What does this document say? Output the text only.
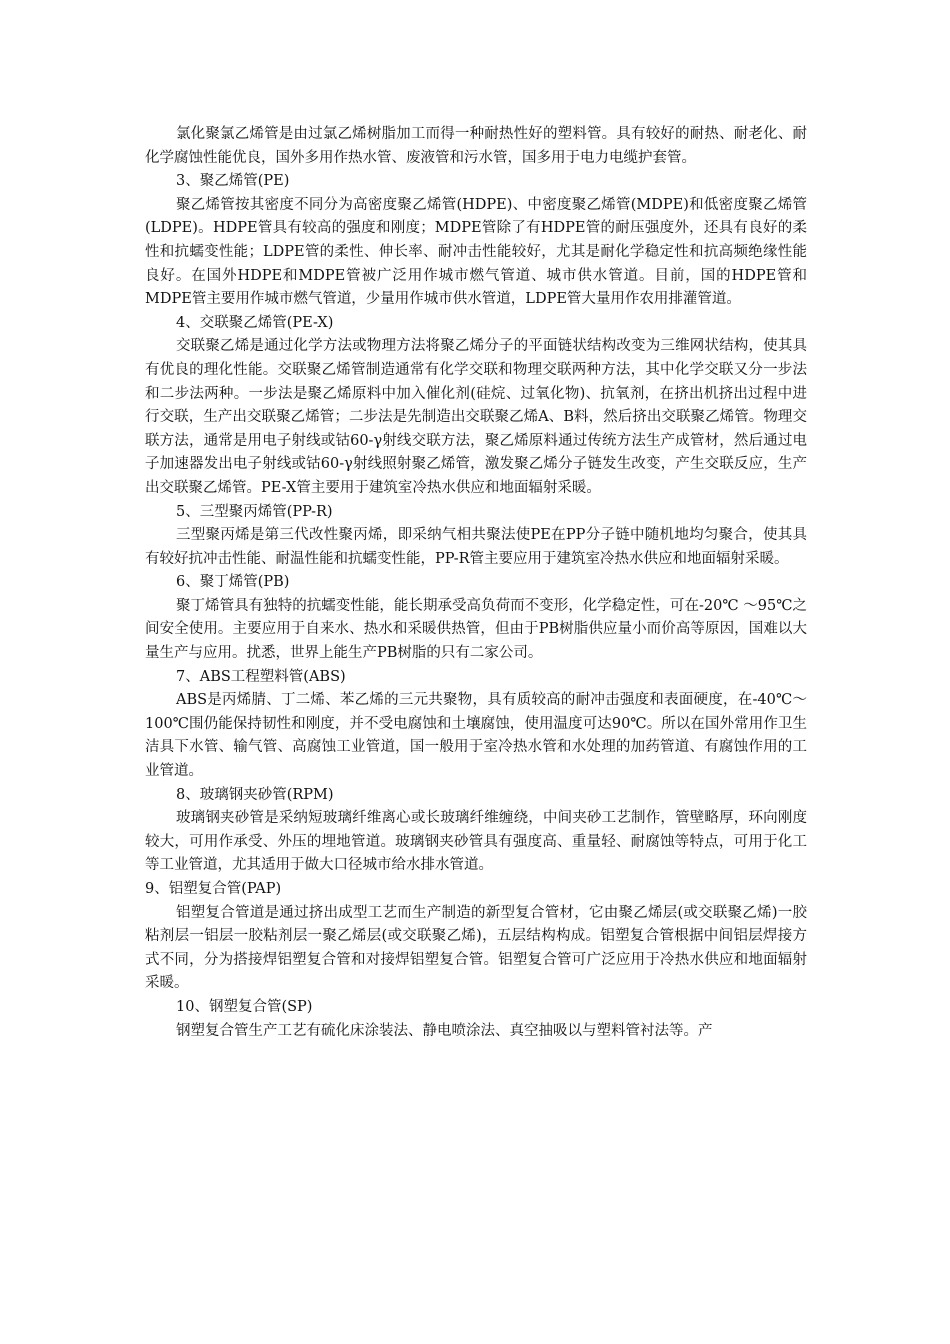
氯化聚氯乙烯管是由过氯乙烯树脂加工而得一种耐热性好的塑料管。具有较好的耐热、耐老化、耐化学腐蚀性能优良，国外多用作热水管、废液管和污水管，国多用于电力电缆护套管。

3、聚乙烯管(PE)

聚乙烯管按其密度不同分为高密度聚乙烯管(HDPE)、中密度聚乙烯管(MDPE)和低密度聚乙烯管(LDPE)。HDPE管具有较高的强度和刚度；MDPE管除了有HDPE管的耐压强度外，还具有良好的柔性和抗蠕变性能；LDPE管的柔性、伸长率、耐冲击性能较好，尤其是耐化学稳定性和抗高频绝缘性能良好。在国外HDPE和MDPE管被广泛用作城市燃气管道、城市供水管道。目前，国的HDPE管和MDPE管主要用作城市燃气管道，少量用作城市供水管道，LDPE管大量用作农用排灌管道。

4、交联聚乙烯管(PE-X)

交联聚乙烯是通过化学方法或物理方法将聚乙烯分子的平面链状结构改变为三维网状结构，使其具有优良的理化性能。交联聚乙烯管制造通常有化学交联和物理交联两种方法，其中化学交联又分一步法和二步法两种。一步法是聚乙烯原料中加入催化剂(硅烷、过氧化物)、抗氧剂，在挤出机挤出过程中进行交联，生产出交联聚乙烯管；二步法是先制造出交联聚乙烯A、B料，然后挤出交联聚乙烯管。物理交联方法，通常是用电子射线或钴60-γ射线交联方法，聚乙烯原料通过传统方法生产成管材，然后通过电子加速器发出电子射线或钴60-γ射线照射聚乙烯管，激发聚乙烯分子链发生改变，产生交联反应，生产出交联聚乙烯管。PE-X管主要用于建筑室冷热水供应和地面辐射采暖。

5、三型聚丙烯管(PP-R)

三型聚丙烯是第三代改性聚丙烯，即采纳气相共聚法使PE在PP分子链中随机地均匀聚合，使其具有较好抗冲击性能、耐温性能和抗蠕变性能，PP-R管主要应用于建筑室冷热水供应和地面辐射采暖。

6、聚丁烯管(PB)

聚丁烯管具有独特的抗蠕变性能，能长期承受高负荷而不变形，化学稳定性，可在-20℃ ～95℃之间安全使用。主要应用于自来水、热水和采暖供热管，但由于PB树脂供应量小而价高等原因，国难以大量生产与应用。扰悉，世界上能生产PB树脂的只有二家公司。

7、ABS工程塑料管(ABS)

ABS是丙烯腈、丁二烯、苯乙烯的三元共聚物，具有质较高的耐冲击强度和表面硬度，在-40℃～100℃围仍能保持韧性和刚度，并不受电腐蚀和土壤腐蚀，使用温度可达90℃。所以在国外常用作卫生洁具下水管、输气管、高腐蚀工业管道，国一般用于室冷热水管和水处理的加药管道、有腐蚀作用的工业管道。

8、玻璃钢夹砂管(RPM)

玻璃钢夹砂管是采纳短玻璃纤维离心或长玻璃纤维缠绕，中间夹砂工艺制作，管壁略厚，环向刚度较大，可用作承受、外压的埋地管道。玻璃钢夹砂管具有强度高、重量轻、耐腐蚀等特点，可用于化工等工业管道，尤其适用于做大口径城市给水排水管道。

9、铝塑复合管(PAP)

铝塑复合管道是通过挤出成型工艺而生产制造的新型复合管材，它由聚乙烯层(或交联聚乙烯)一胶粘剂层一铝层一胶粘剂层一聚乙烯层(或交联聚乙烯)，五层结构构成。铝塑复合管根据中间铝层焊接方式不同，分为搭接焊铝塑复合管和对接焊铝塑复合管。铝塑复合管可广泛应用于冷热水供应和地面辐射采暖。

10、钢塑复合管(SP)

钢塑复合管生产工艺有硫化床涂装法、静电喷涂法、真空抽吸以与塑料管衬法等。产
